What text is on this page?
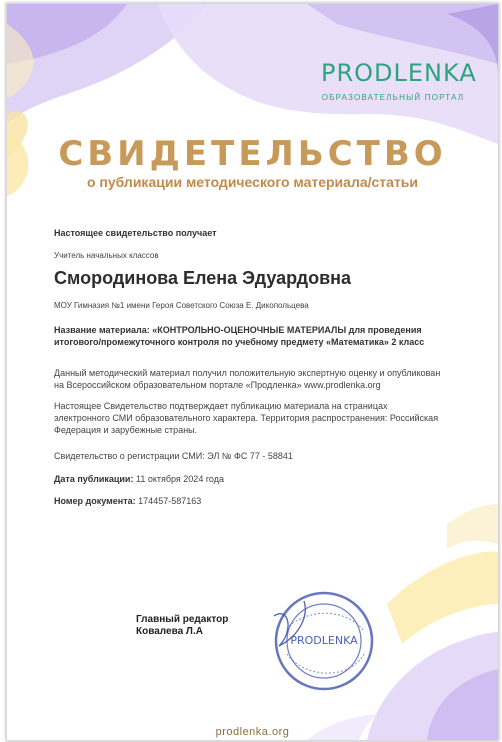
PRODLENKA
ОБРАЗОВАТЕЛЬНЫЙ ПОРТАЛ
СВИДЕТЕЛЬСТВО
о публикации методического материала/статьи
Настоящее свидетельство получает
Учитель начальных классов
Смородинова Елена Эдуардовна
МОУ Гимназия №1 имени Героя Советского Союза Е. Дикопольцева
Название материала: «КОНТРОЛЬНО-ОЦЕНОЧНЫЕ МАТЕРИАЛЫ для проведения итогового/промежуточного контроля по учебному предмету «Математика» 2 класс
Данный методический материал получил положительную экспертную оценку и опубликован на Всероссийском образовательном портале «Продленка» www.prodlenka.org
Настоящее Свидетельство подтверждает публикацию материала на страницах электронного СМИ образовательного характера. Территория распространения: Российская Федерация и зарубежные страны.
Свидетельство о регистрации СМИ: ЭЛ № ФС 77 - 58841
Дата публикации: 11 октября 2024 года
Номер документа: 174457-587163
Главный редактор
Ковалева Л.А
PRODLENKA
prodlenka.org
